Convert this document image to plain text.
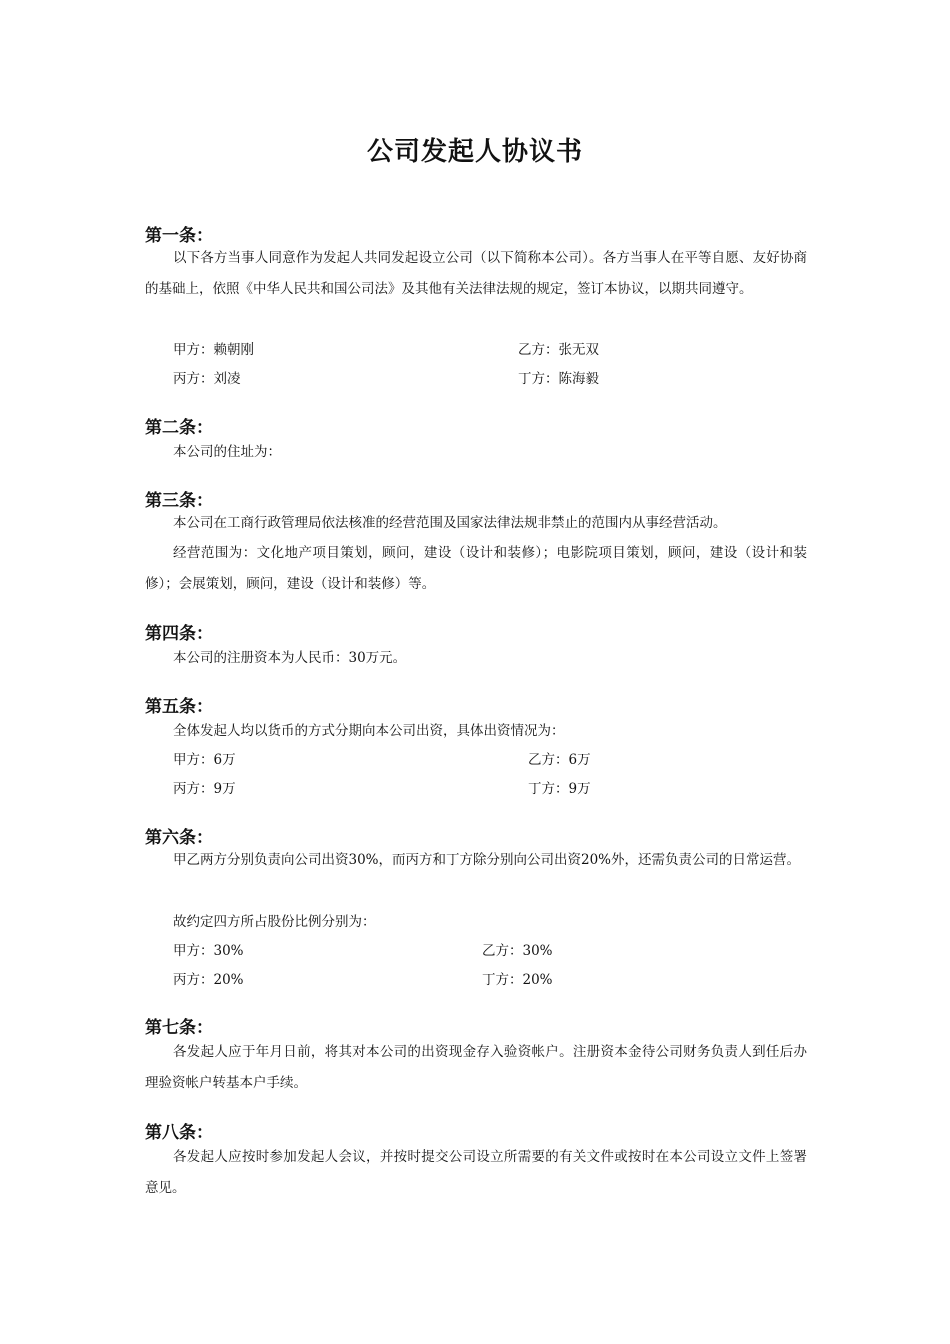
公司发起人协议书
第一条：
以下各方当事人同意作为发起人共同发起设立公司（以下简称本公司）。各方当事人在平等自愿、友好协商的基础上，依照《中华人民共和国公司法》及其他有关法律法规的规定，签订本协议，以期共同遵守。
甲方：赖朝刚	乙方：张无双
丙方：刘凌	丁方：陈海毅
第二条：
本公司的住址为：
第三条：
本公司在工商行政管理局依法核准的经营范围及国家法律法规非禁止的范围内从事经营活动。
经营范围为：文化地产项目策划，顾问，建设（设计和装修）；电影院项目策划，顾问，建设（设计和装修）；会展策划，顾问，建设（设计和装修）等。
第四条：
本公司的注册资本为人民币：30万元。
第五条：
全体发起人均以货币的方式分期向本公司出资，具体出资情况为：
甲方：6万	乙方：6万
丙方：9万	丁方：9万
第六条：
甲乙两方分别负责向公司出资30%，而丙方和丁方除分别向公司出资20%外，还需负责公司的日常运营。
故约定四方所占股份比例分别为：
甲方：30%	乙方：30%
丙方：20%	丁方：20%
第七条：
各发起人应于年月日前，将其对本公司的出资现金存入验资帐户。注册资本金待公司财务负责人到任后办理验资帐户转基本户手续。
第八条：
各发起人应按时参加发起人会议，并按时提交公司设立所需要的有关文件或按时在本公司设立文件上签署意见。
